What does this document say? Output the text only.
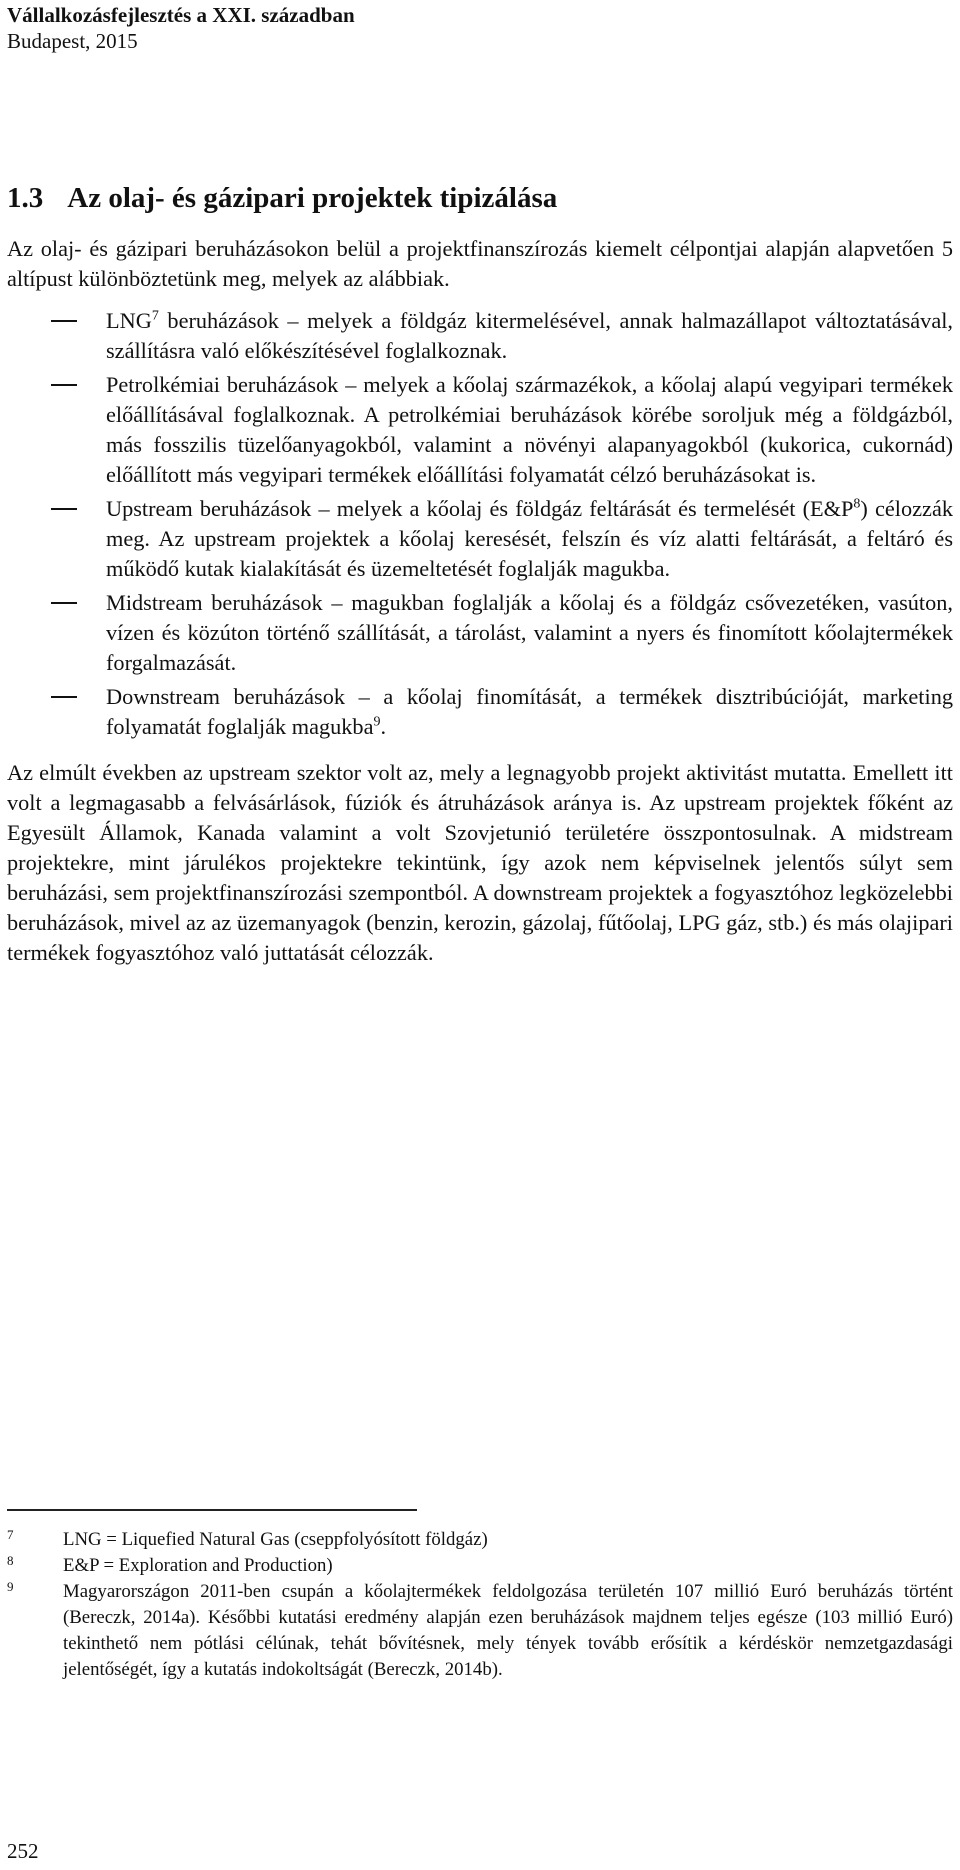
Vállalkozásfejlesztés a XXI. században
Budapest, 2015
1.3 Az olaj- és gázipari projektek tipizálása

Az olaj- és gázipari beruházásokon belül a projektfinanszírozás kiemelt célpontjai alapján alapvetően 5 altípust különböztetünk meg, melyek az alábbiak.

LNG$^7$ beruházások – melyek a földgáz kitermelésével, annak halmazállapot változtatásával, szállításra való előkészítésével foglalkoznak.
Petrolkémiai beruházások – melyek a kőolaj származékok, a kőolaj alapú vegyipari termékek előállításával foglalkoznak. A petrolkémiai beruházások körébe soroljuk még a földgázból, más fosszilis tüzelőanyagokból, valamint a növényi alapanyagokból (kukorica, cukornád) előállított más vegyipari termékek előállítási folyamatát célzó beruházásokat is.
Upstream beruházások – melyek a kőolaj és földgáz feltárását és termelését $(E\&P^8)$ célozzák meg. Az upstream projektek a kőolaj keresését, felszín és víz alatti feltárását, a feltáró és működő kutak kialakítását és üzemeltetését foglalják magukba.
Midstream beruházások – magukban foglalják a kőolaj és a földgáz csővezetéken, vasúton, vízen és közúton történő szállítását, a tárolást, valamint a nyers és finomított kőolajtermékek forgalmazását.
Downstream beruházások – a kőolaj finomítását, a termékek disztribúcióját, marketing folyamatát foglalják magukba$^9$.

Az elmúlt években az upstream szektor volt az, mely a legnagyobb projekt aktivitást mutatta. Emellett itt volt a legmagasabb a felvásárlások, fúziók és átruházások aránya is. Az upstream projektek főként az Egyesült Államok, Kanada valamint a volt Szovjetunió területére összpontosulnak. A midstream projektekre, mint járulékos projektekre tekintünk, így azok nem képviselnek jelentős súlyt sem beruházási, sem projektfinanszírozási szempontból. A downstream projektek a fogyasztóhoz legközelebbi beruházások, mivel az az üzemanyagok (benzin, kerozin, gázolaj, fűtőolaj, LPG gáz, stb.) és más olajipari termékek fogyasztóhoz való juttatását célozzák.

7	LNG = Liquefied Natural Gas (cseppfolyósított földgáz)
8	E&P = Exploration and Production)
9	Magyarországon 2011-ben csupán a kőolajtermékek feldolgozása területén 107 millió Euró beruházás történt (Bereczk, 2014a). Későbbi kutatási eredmény alapján ezen beruházások majdnem teljes egésze (103 millió Euró) tekinthető nem pótlási célúnak, tehát bővítésnek, mely tények tovább erősítik a kérdéskör nemzetgazdasági jelentőségét, így a kutatás indokoltságát (Bereczk, 2014b).
252
